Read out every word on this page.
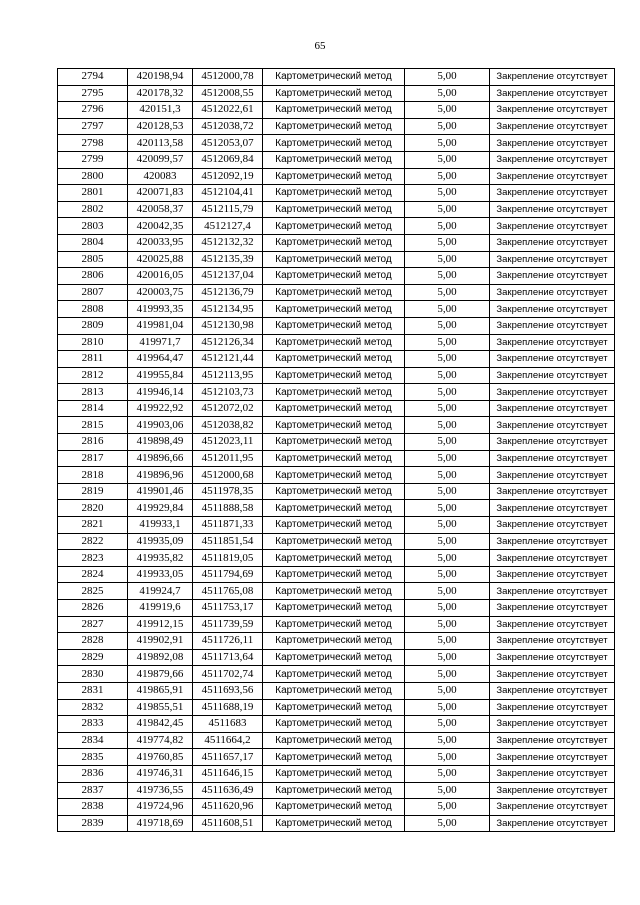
65
2794	420198,94	4512000,78	Картометрический метод	5,00	Закрепление отсутствует
2795	420178,32	4512008,55	Картометрический метод	5,00	Закрепление отсутствует
2796	420151,3	4512022,61	Картометрический метод	5,00	Закрепление отсутствует
2797	420128,53	4512038,72	Картометрический метод	5,00	Закрепление отсутствует
2798	420113,58	4512053,07	Картометрический метод	5,00	Закрепление отсутствует
2799	420099,57	4512069,84	Картометрический метод	5,00	Закрепление отсутствует
2800	420083	4512092,19	Картометрический метод	5,00	Закрепление отсутствует
2801	420071,83	4512104,41	Картометрический метод	5,00	Закрепление отсутствует
2802	420058,37	4512115,79	Картометрический метод	5,00	Закрепление отсутствует
2803	420042,35	4512127,4	Картометрический метод	5,00	Закрепление отсутствует
2804	420033,95	4512132,32	Картометрический метод	5,00	Закрепление отсутствует
2805	420025,88	4512135,39	Картометрический метод	5,00	Закрепление отсутствует
2806	420016,05	4512137,04	Картометрический метод	5,00	Закрепление отсутствует
2807	420003,75	4512136,79	Картометрический метод	5,00	Закрепление отсутствует
2808	419993,35	4512134,95	Картометрический метод	5,00	Закрепление отсутствует
2809	419981,04	4512130,98	Картометрический метод	5,00	Закрепление отсутствует
2810	419971,7	4512126,34	Картометрический метод	5,00	Закрепление отсутствует
2811	419964,47	4512121,44	Картометрический метод	5,00	Закрепление отсутствует
2812	419955,84	4512113,95	Картометрический метод	5,00	Закрепление отсутствует
2813	419946,14	4512103,73	Картометрический метод	5,00	Закрепление отсутствует
2814	419922,92	4512072,02	Картометрический метод	5,00	Закрепление отсутствует
2815	419903,06	4512038,82	Картометрический метод	5,00	Закрепление отсутствует
2816	419898,49	4512023,11	Картометрический метод	5,00	Закрепление отсутствует
2817	419896,66	4512011,95	Картометрический метод	5,00	Закрепление отсутствует
2818	419896,96	4512000,68	Картометрический метод	5,00	Закрепление отсутствует
2819	419901,46	4511978,35	Картометрический метод	5,00	Закрепление отсутствует
2820	419929,84	4511888,58	Картометрический метод	5,00	Закрепление отсутствует
2821	419933,1	4511871,33	Картометрический метод	5,00	Закрепление отсутствует
2822	419935,09	4511851,54	Картометрический метод	5,00	Закрепление отсутствует
2823	419935,82	4511819,05	Картометрический метод	5,00	Закрепление отсутствует
2824	419933,05	4511794,69	Картометрический метод	5,00	Закрепление отсутствует
2825	419924,7	4511765,08	Картометрический метод	5,00	Закрепление отсутствует
2826	419919,6	4511753,17	Картометрический метод	5,00	Закрепление отсутствует
2827	419912,15	4511739,59	Картометрический метод	5,00	Закрепление отсутствует
2828	419902,91	4511726,11	Картометрический метод	5,00	Закрепление отсутствует
2829	419892,08	4511713,64	Картометрический метод	5,00	Закрепление отсутствует
2830	419879,66	4511702,74	Картометрический метод	5,00	Закрепление отсутствует
2831	419865,91	4511693,56	Картометрический метод	5,00	Закрепление отсутствует
2832	419855,51	4511688,19	Картометрический метод	5,00	Закрепление отсутствует
2833	419842,45	4511683	Картометрический метод	5,00	Закрепление отсутствует
2834	419774,82	4511664,2	Картометрический метод	5,00	Закрепление отсутствует
2835	419760,85	4511657,17	Картометрический метод	5,00	Закрепление отсутствует
2836	419746,31	4511646,15	Картометрический метод	5,00	Закрепление отсутствует
2837	419736,55	4511636,49	Картометрический метод	5,00	Закрепление отсутствует
2838	419724,96	4511620,96	Картометрический метод	5,00	Закрепление отсутствует
2839	419718,69	4511608,51	Картометрический метод	5,00	Закрепление отсутствует
